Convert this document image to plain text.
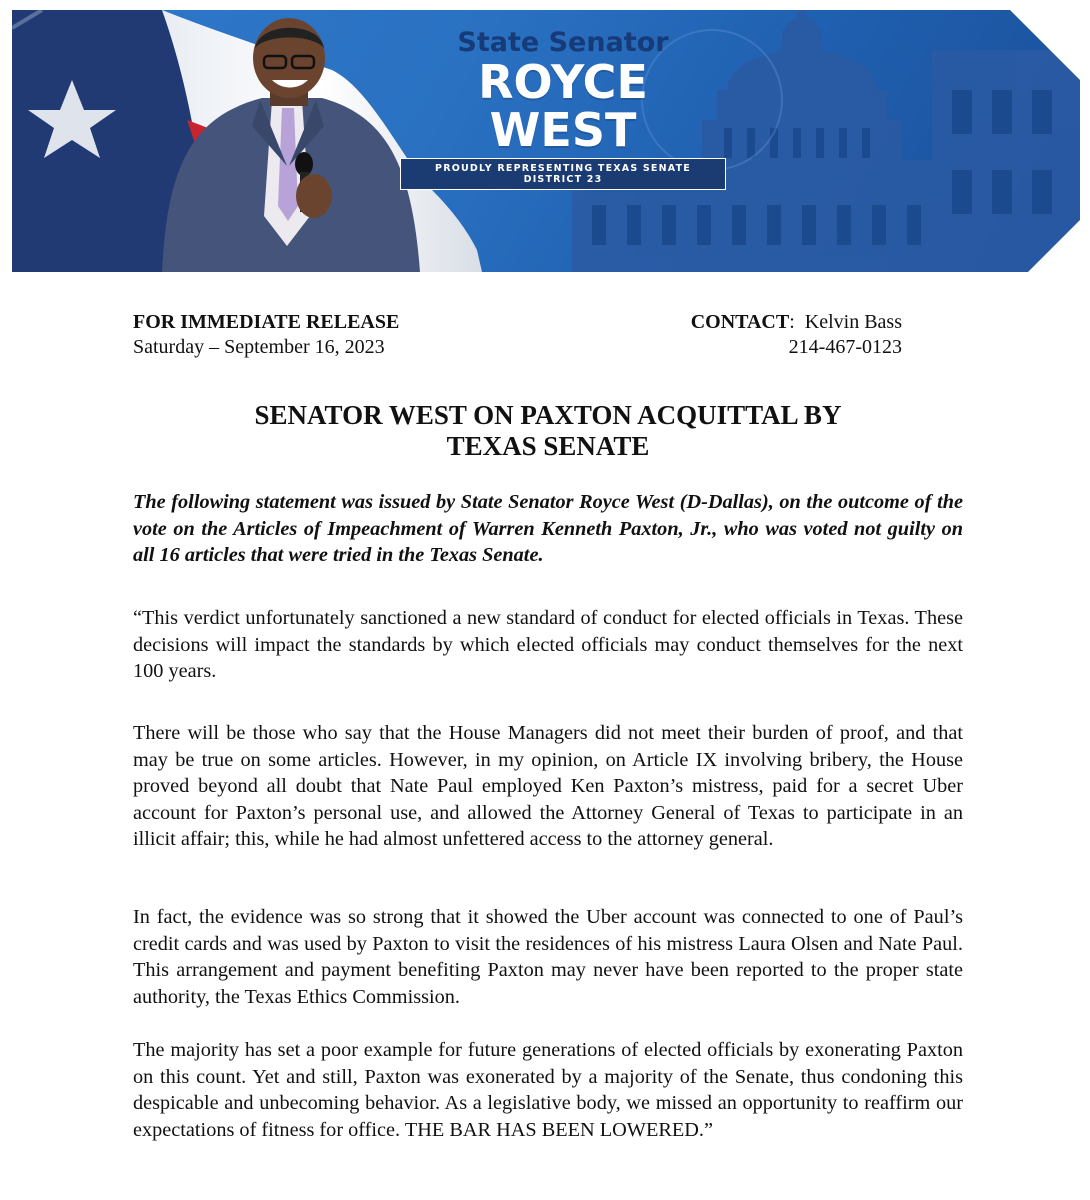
State Senator
ROYCE WEST
PROUDLY REPRESENTING TEXAS SENATE DISTRICT 23
FOR IMMEDIATE RELEASE
Saturday – September 16, 2023
CONTACT:  Kelvin Bass
214-467-0123
SENATOR WEST ON PAXTON ACQUITTAL BY
TEXAS SENATE
The following statement was issued by State Senator Royce West (D-Dallas), on the outcome of the vote on the Articles of Impeachment of Warren Kenneth Paxton, Jr., who was voted not guilty on all 16 articles that were tried in the Texas Senate.
“This verdict unfortunately sanctioned a new standard of conduct for elected officials in Texas. These decisions will impact the standards by which elected officials may conduct themselves for the next 100 years.
There will be those who say that the House Managers did not meet their burden of proof, and that may be true on some articles. However, in my opinion, on Article IX involving bribery, the House proved beyond all doubt that Nate Paul employed Ken Paxton’s mistress, paid for a secret Uber account for Paxton’s personal use, and allowed the Attorney General of Texas to participate in an illicit affair; this, while he had almost unfettered access to the attorney general.
In fact, the evidence was so strong that it showed the Uber account was connected to one of Paul’s credit cards and was used by Paxton to visit the residences of his mistress Laura Olsen and Nate Paul. This arrangement and payment benefiting Paxton may never have been reported to the proper state authority, the Texas Ethics Commission.
The majority has set a poor example for future generations of elected officials by exonerating Paxton on this count. Yet and still, Paxton was exonerated by a majority of the Senate, thus condoning this despicable and unbecoming behavior. As a legislative body, we missed an opportunity to reaffirm our expectations of fitness for office. THE BAR HAS BEEN LOWERED.”
